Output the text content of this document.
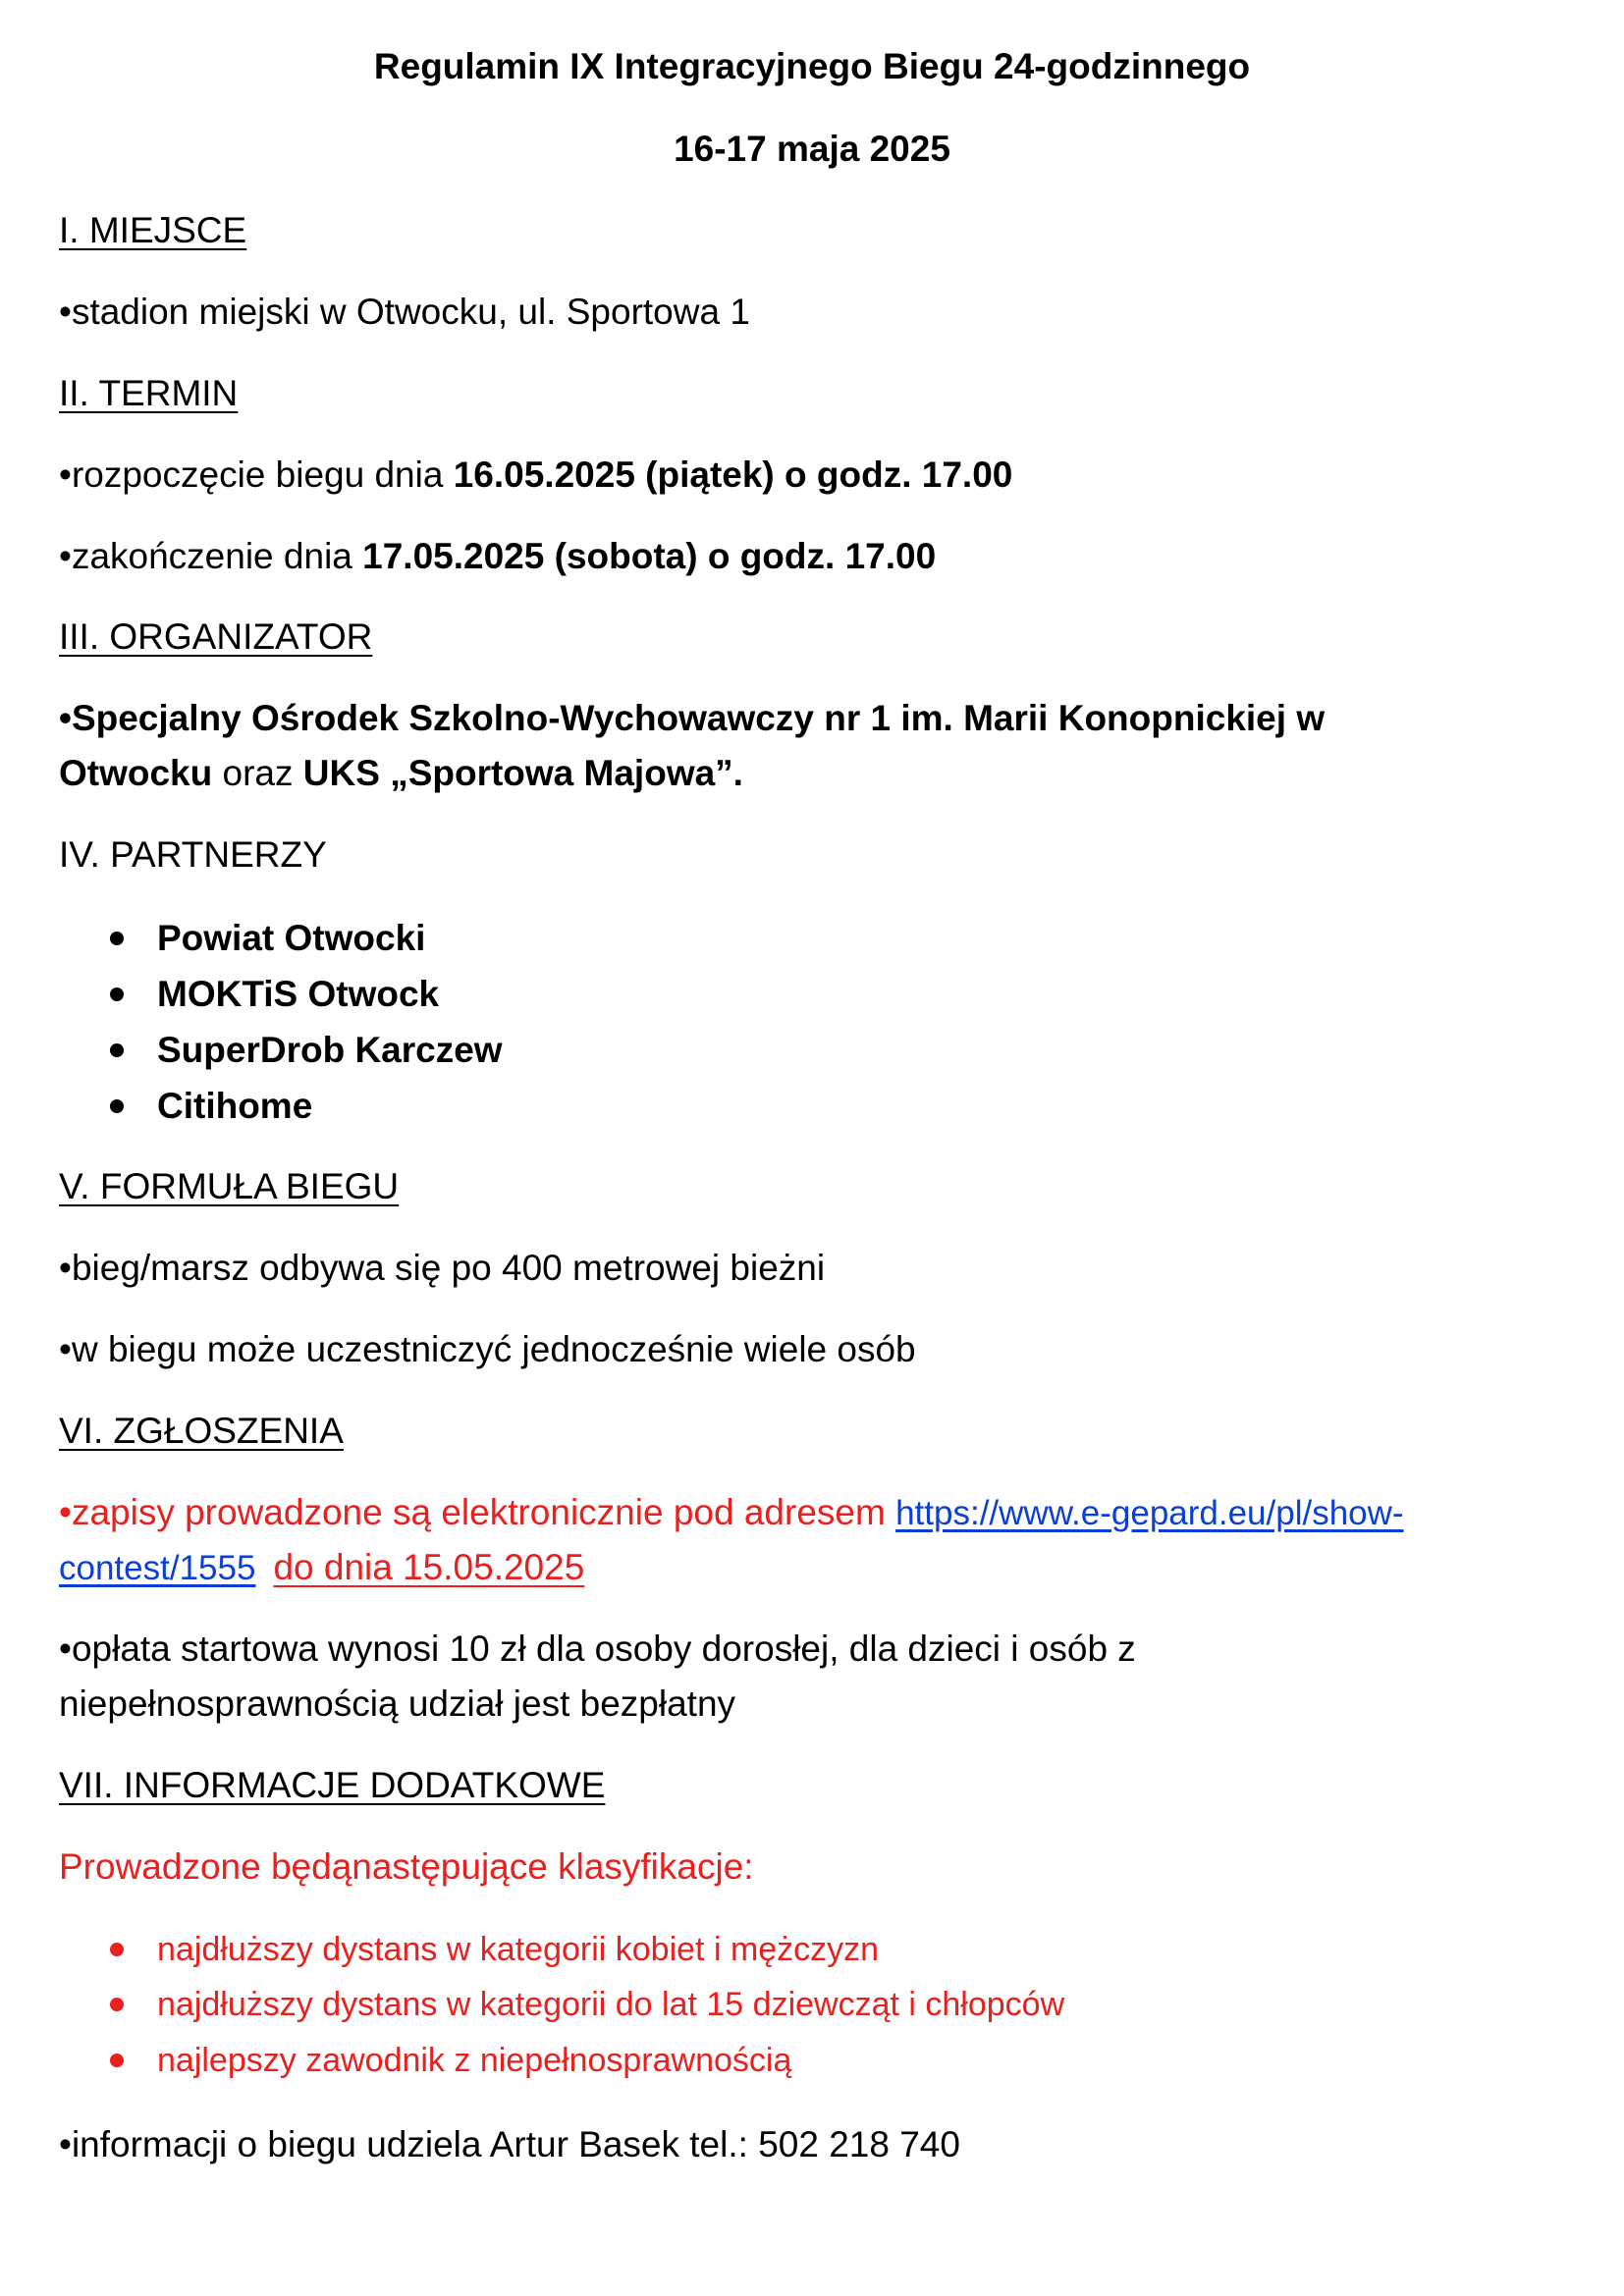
Regulamin IX Integracyjnego Biegu 24-godzinnego
16-17 maja 2025
I. MIEJSCE
•stadion miejski w Otwocku, ul. Sportowa 1
II. TERMIN
•rozpoczęcie biegu dnia 16.05.2025 (piątek) o godz. 17.00
•zakończenie dnia 17.05.2025 (sobota) o godz. 17.00
III. ORGANIZATOR
•Specjalny Ośrodek Szkolno-Wychowawczy nr 1 im. Marii Konopnickiej w
Otwocku oraz UKS „Sportowa Majowa”.
IV. PARTNERZY
Powiat Otwocki
MOKTiS Otwock
SuperDrob Karczew
Citihome
V. FORMUŁA BIEGU
•bieg/marsz odbywa się po 400 metrowej bieżni
•w biegu może uczestniczyć jednocześnie wiele osób
VI. ZGŁOSZENIA
•zapisy prowadzone są elektronicznie pod adresem https://www.e-gepard.eu/pl/show-
contest/1555 do dnia 15.05.2025
•opłata startowa wynosi 10 zł dla osoby dorosłej, dla dzieci i osób z
niepełnosprawnością udział jest bezpłatny
VII. INFORMACJE DODATKOWE
Prowadzone będąnastępujące klasyfikacje:
najdłuższy dystans w kategorii kobiet i mężczyzn
najdłuższy dystans w kategorii do lat 15 dziewcząt i chłopców
najlepszy zawodnik z niepełnosprawnością
•informacji o biegu udziela Artur Basek tel.: 502 218 740
